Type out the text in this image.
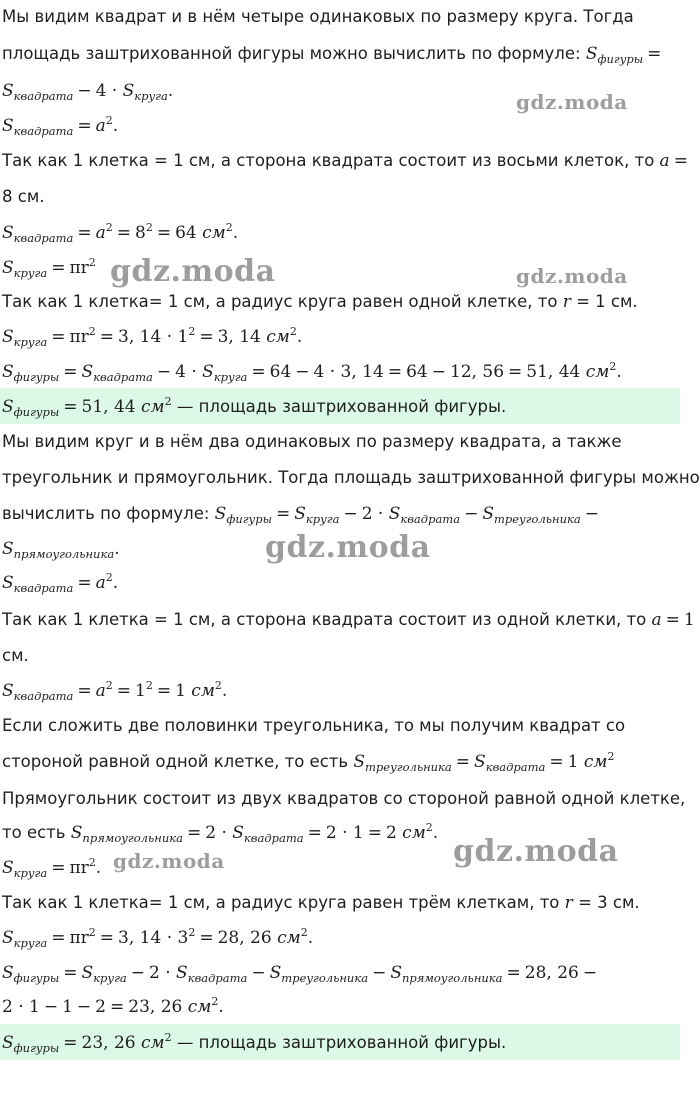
Мы видим квадрат и в нём четыре одинаковых по размеру круга. Тогда
площадь заштрихованной фигуры можно вычислить по формуле: $S_{фигуры}$ =
$S_{квадрата} - 4 \cdot S_{круга}$.
$S_{квадрата} = a^2$.
Так как 1 клетка = 1 см, а сторона квадрата состоит из восьми клеток, то a =
8 см.
$S_{квадрата} = a^2 = 8^2 = 64$ $см^2$.
$S_{круга} = \pi r^2$
Так как 1 клетка= 1 см, а радиус круга равен одной клетке, то r = 1 см.
$S_{круга} = \pi r^2 = 3$, $14 \cdot 1^2 = 3$, 14 $см^2$.
$S_{фигуры} = S_{квадрата} - 4 \cdot S_{круга} = 64 - 4 \cdot 3$, 14 = 64 − 12, 56 = 51, 44 $см^2$.
$S_{фигуры} = 51$, 44 $см^2$ — площадь заштрихованной фигуры.
Мы видим круг и в нём два одинаковых по размеру квадрата, а также
треугольник и прямоугольник. Тогда площадь заштрихованной фигуры можно
вычислить по формуле: $S_{фигуры} = S_{круга} - 2 \cdot S_{квадрата} - S_{треугольника}$ −
$S_{прямоугольника}$.
$S_{квадрата} = a^2$.
Так как 1 клетка = 1 см, а сторона квадрата состоит из одной клетки, то a = 1
см.
$S_{квадрата} = a^2 = 1^2 = 1$ $см^2$.
Если сложить две половинки треугольника, то мы получим квадрат со
стороной равной одной клетке, то есть $S_{треугольника} = S_{квадрата} = 1$ $см^2$
Прямоугольник состоит из двух квадратов со стороной равной одной клетке,
то есть $S_{прямоугольника} = 2 \cdot S_{квадрата} = 2 \cdot 1 = 2$ $см^2$.
$S_{круга} = \pi r^2$.
Так как 1 клетка= 1 см, а радиус круга равен трём клеткам, то r = 3 см.
$S_{круга} = \pi r^2 = 3$, $14 \cdot 3^2 = 28$, 26 $см^2$.
$S_{фигуры} = S_{круга} - 2 \cdot S_{квадрата} - S_{треугольника} - S_{прямоугольника} = 28$, 26 −
2 · 1 − 1 − 2 = 23, 26 $см^2$.
$S_{фигуры} = 23$, 26 $см^2$ — площадь заштрихованной фигуры.
gdz.moda
gdz.moda	gdz.moda
gdz.moda
gdz.moda	gdz.moda
